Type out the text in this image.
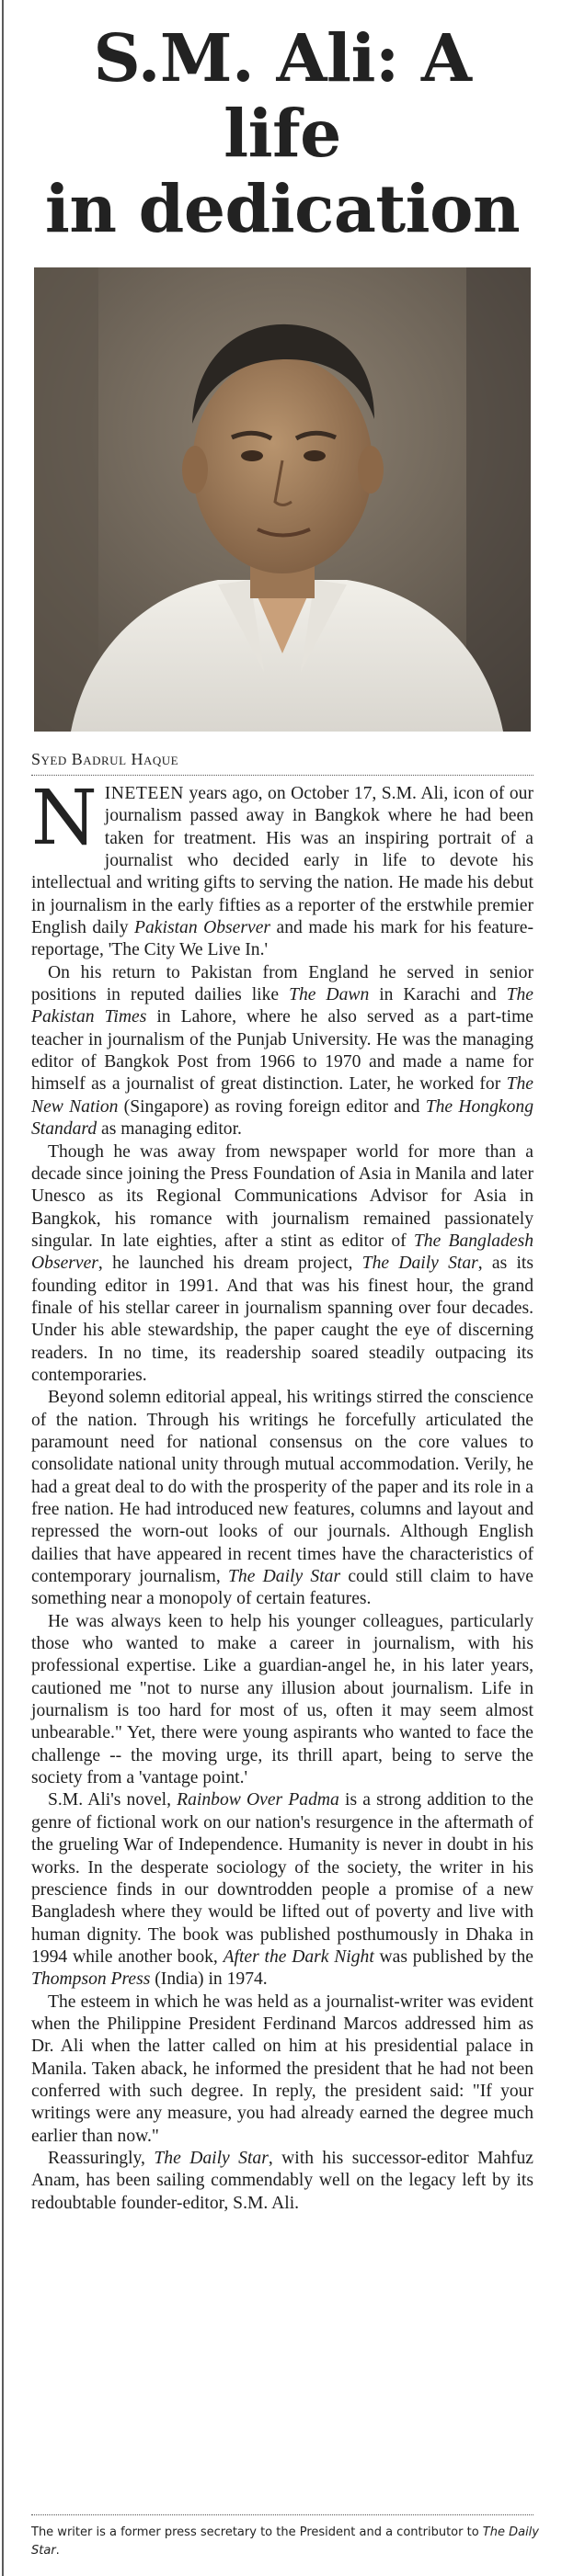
S.M. Ali: A life
in dedication
Syed Badrul Haque

NINETEEN years ago, on October 17, S.M. Ali, icon of our journalism passed away in Bangkok where he had been taken for treatment. His was an inspiring portrait of a journalist who decided early in life to devote his intellectual and writing gifts to serving the nation. He made his debut in journalism in the early fifties as a reporter of the erstwhile premier English daily Pakistan Observer and made his mark for his feature-reportage, 'The City We Live In.'

On his return to Pakistan from England he served in senior positions in reputed dailies like The Dawn in Karachi and The Pakistan Times in Lahore, where he also served as a part-time teacher in journalism of the Punjab University. He was the managing editor of Bangkok Post from 1966 to 1970 and made a name for himself as a journalist of great distinction. Later, he worked for The New Nation (Singapore) as roving foreign editor and The Hongkong Standard as managing editor.

Though he was away from newspaper world for more than a decade since joining the Press Foundation of Asia in Manila and later Unesco as its Regional Communications Advisor for Asia in Bangkok, his romance with journalism remained passionately singular. In late eighties, after a stint as editor of The Bangladesh Observer, he launched his dream project, The Daily Star, as its founding editor in 1991. And that was his finest hour, the grand finale of his stellar career in journalism spanning over four decades. Under his able stewardship, the paper caught the eye of discerning readers. In no time, its readership soared steadily outpacing its contemporaries.

Beyond solemn editorial appeal, his writings stirred the conscience of the nation. Through his writings he forcefully articulated the paramount need for national consensus on the core values to consolidate national unity through mutual accommodation. Verily, he had a great deal to do with the prosperity of the paper and its role in a free nation. He had introduced new features, columns and layout and repressed the worn-out looks of our journals. Although English dailies that have appeared in recent times have the characteristics of contemporary journalism, The Daily Star could still claim to have something near a monopoly of certain features.

He was always keen to help his younger colleagues, particularly those who wanted to make a career in journalism, with his professional expertise. Like a guardian-angel he, in his later years, cautioned me "not to nurse any illusion about journalism. Life in journalism is too hard for most of us, often it may seem almost unbearable." Yet, there were young aspirants who wanted to face the challenge -- the moving urge, its thrill apart, being to serve the society from a 'vantage point.'

S.M. Ali's novel, Rainbow Over Padma is a strong addition to the genre of fictional work on our nation's resurgence in the aftermath of the grueling War of Independence. Humanity is never in doubt in his works. In the desperate sociology of the society, the writer in his prescience finds in our downtrodden people a promise of a new Bangladesh where they would be lifted out of poverty and live with human dignity. The book was published posthumously in Dhaka in 1994 while another book, After the Dark Night was published by the Thompson Press (India) in 1974.

The esteem in which he was held as a journalist-writer was evident when the Philippine President Ferdinand Marcos addressed him as Dr. Ali when the latter called on him at his presidential palace in Manila. Taken aback, he informed the president that he had not been conferred with such degree. In reply, the president said: "If your writings were any measure, you had already earned the degree much earlier than now."

Reassuringly, The Daily Star, with his successor-editor Mahfuz Anam, has been sailing commendably well on the legacy left by its redoubtable founder-editor, S.M. Ali.

The writer is a former press secretary to the President and a contributor to The Daily Star.
